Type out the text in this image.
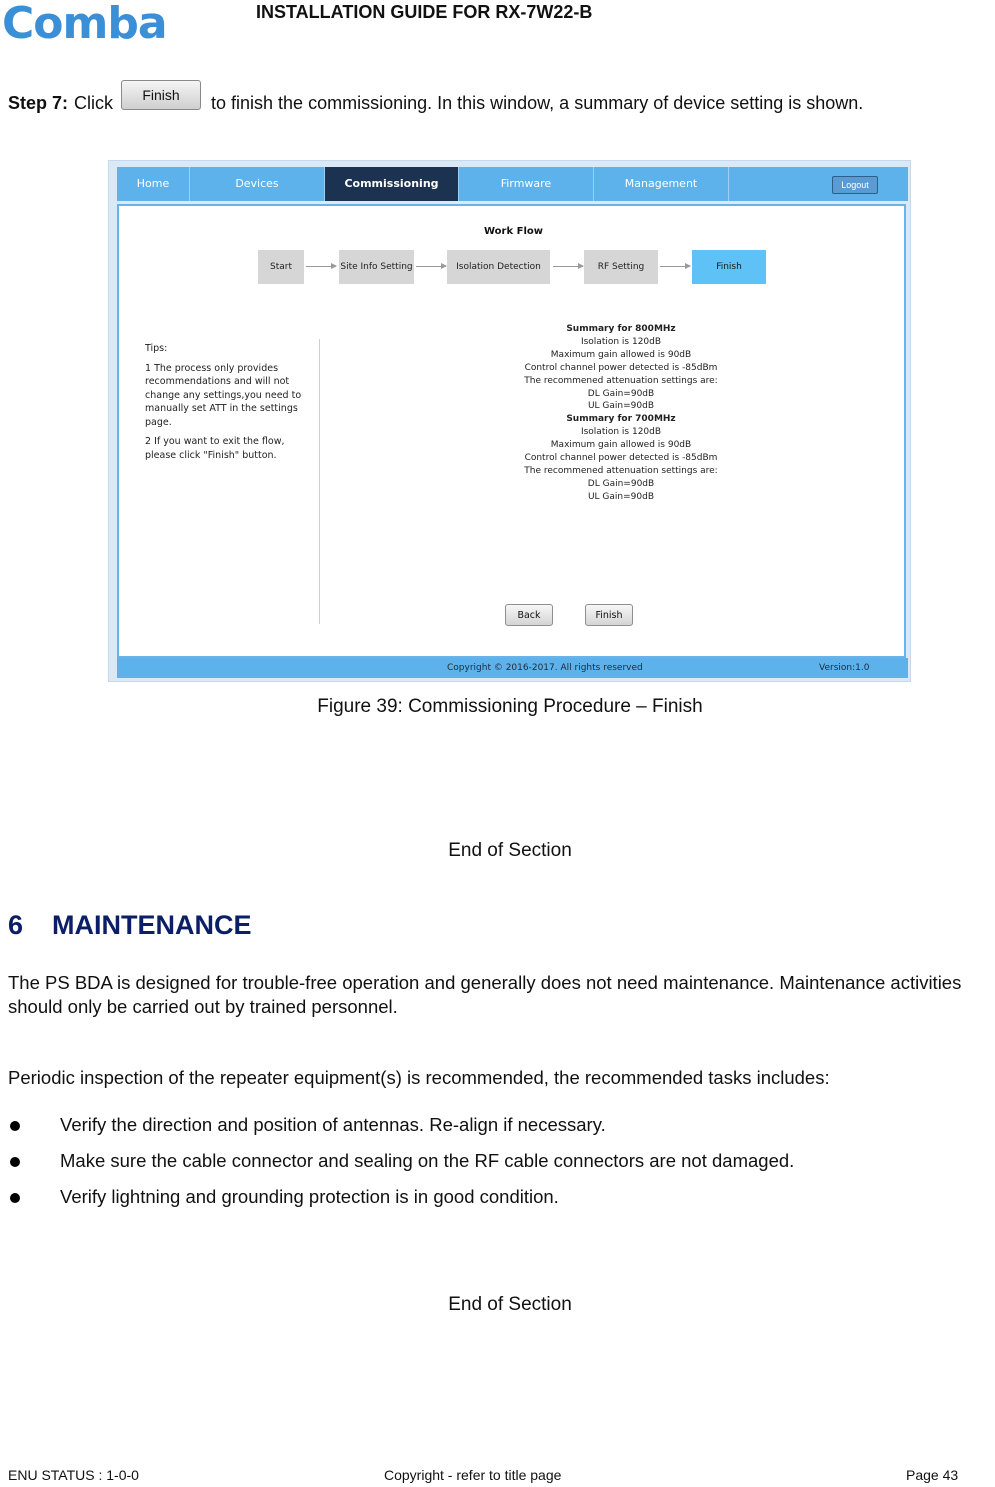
Comba	INSTALLATION GUIDE FOR RX-7W22-B
Step 7: Click	Finish	to finish the commissioning. In this window, a summary of device setting is shown.
Home	Devices	Commissioning	Firmware	Management	Logout
Work Flow
Start	Site Info Setting	Isolation Detection	RF Setting	Finish

Tips:

1 The process only provides recommendations and will not change any settings,you need to manually set ATT in the settings page.

2 If you want to exit the flow, please click "Finish" button.

Summary for 800MHz
Isolation is 120dB
Maximum gain allowed is 90dB
Control channel power detected is -85dBm
The recommened attenuation settings are:
DL Gain=90dB
UL Gain=90dB
Summary for 700MHz
Isolation is 120dB
Maximum gain allowed is 90dB
Control channel power detected is -85dBm
The recommened attenuation settings are:
DL Gain=90dB
UL Gain=90dB
Back	Finish
Copyright © 2016-2017. All rights reserved	Version:1.0
Figure 39: Commissioning Procedure – Finish
End of Section
6 MAINTENANCE
The PS BDA is designed for trouble-free operation and generally does not need maintenance. Maintenance activities should only be carried out by trained personnel.
Periodic inspection of the repeater equipment(s) is recommended, the recommended tasks includes:
Verify the direction and position of antennas. Re-align if necessary.
Make sure the cable connector and sealing on the RF cable connectors are not damaged.
Verify lightning and grounding protection is in good condition.
End of Section
ENU STATUS : 1-0-0	Copyright - refer to title page	Page 43
